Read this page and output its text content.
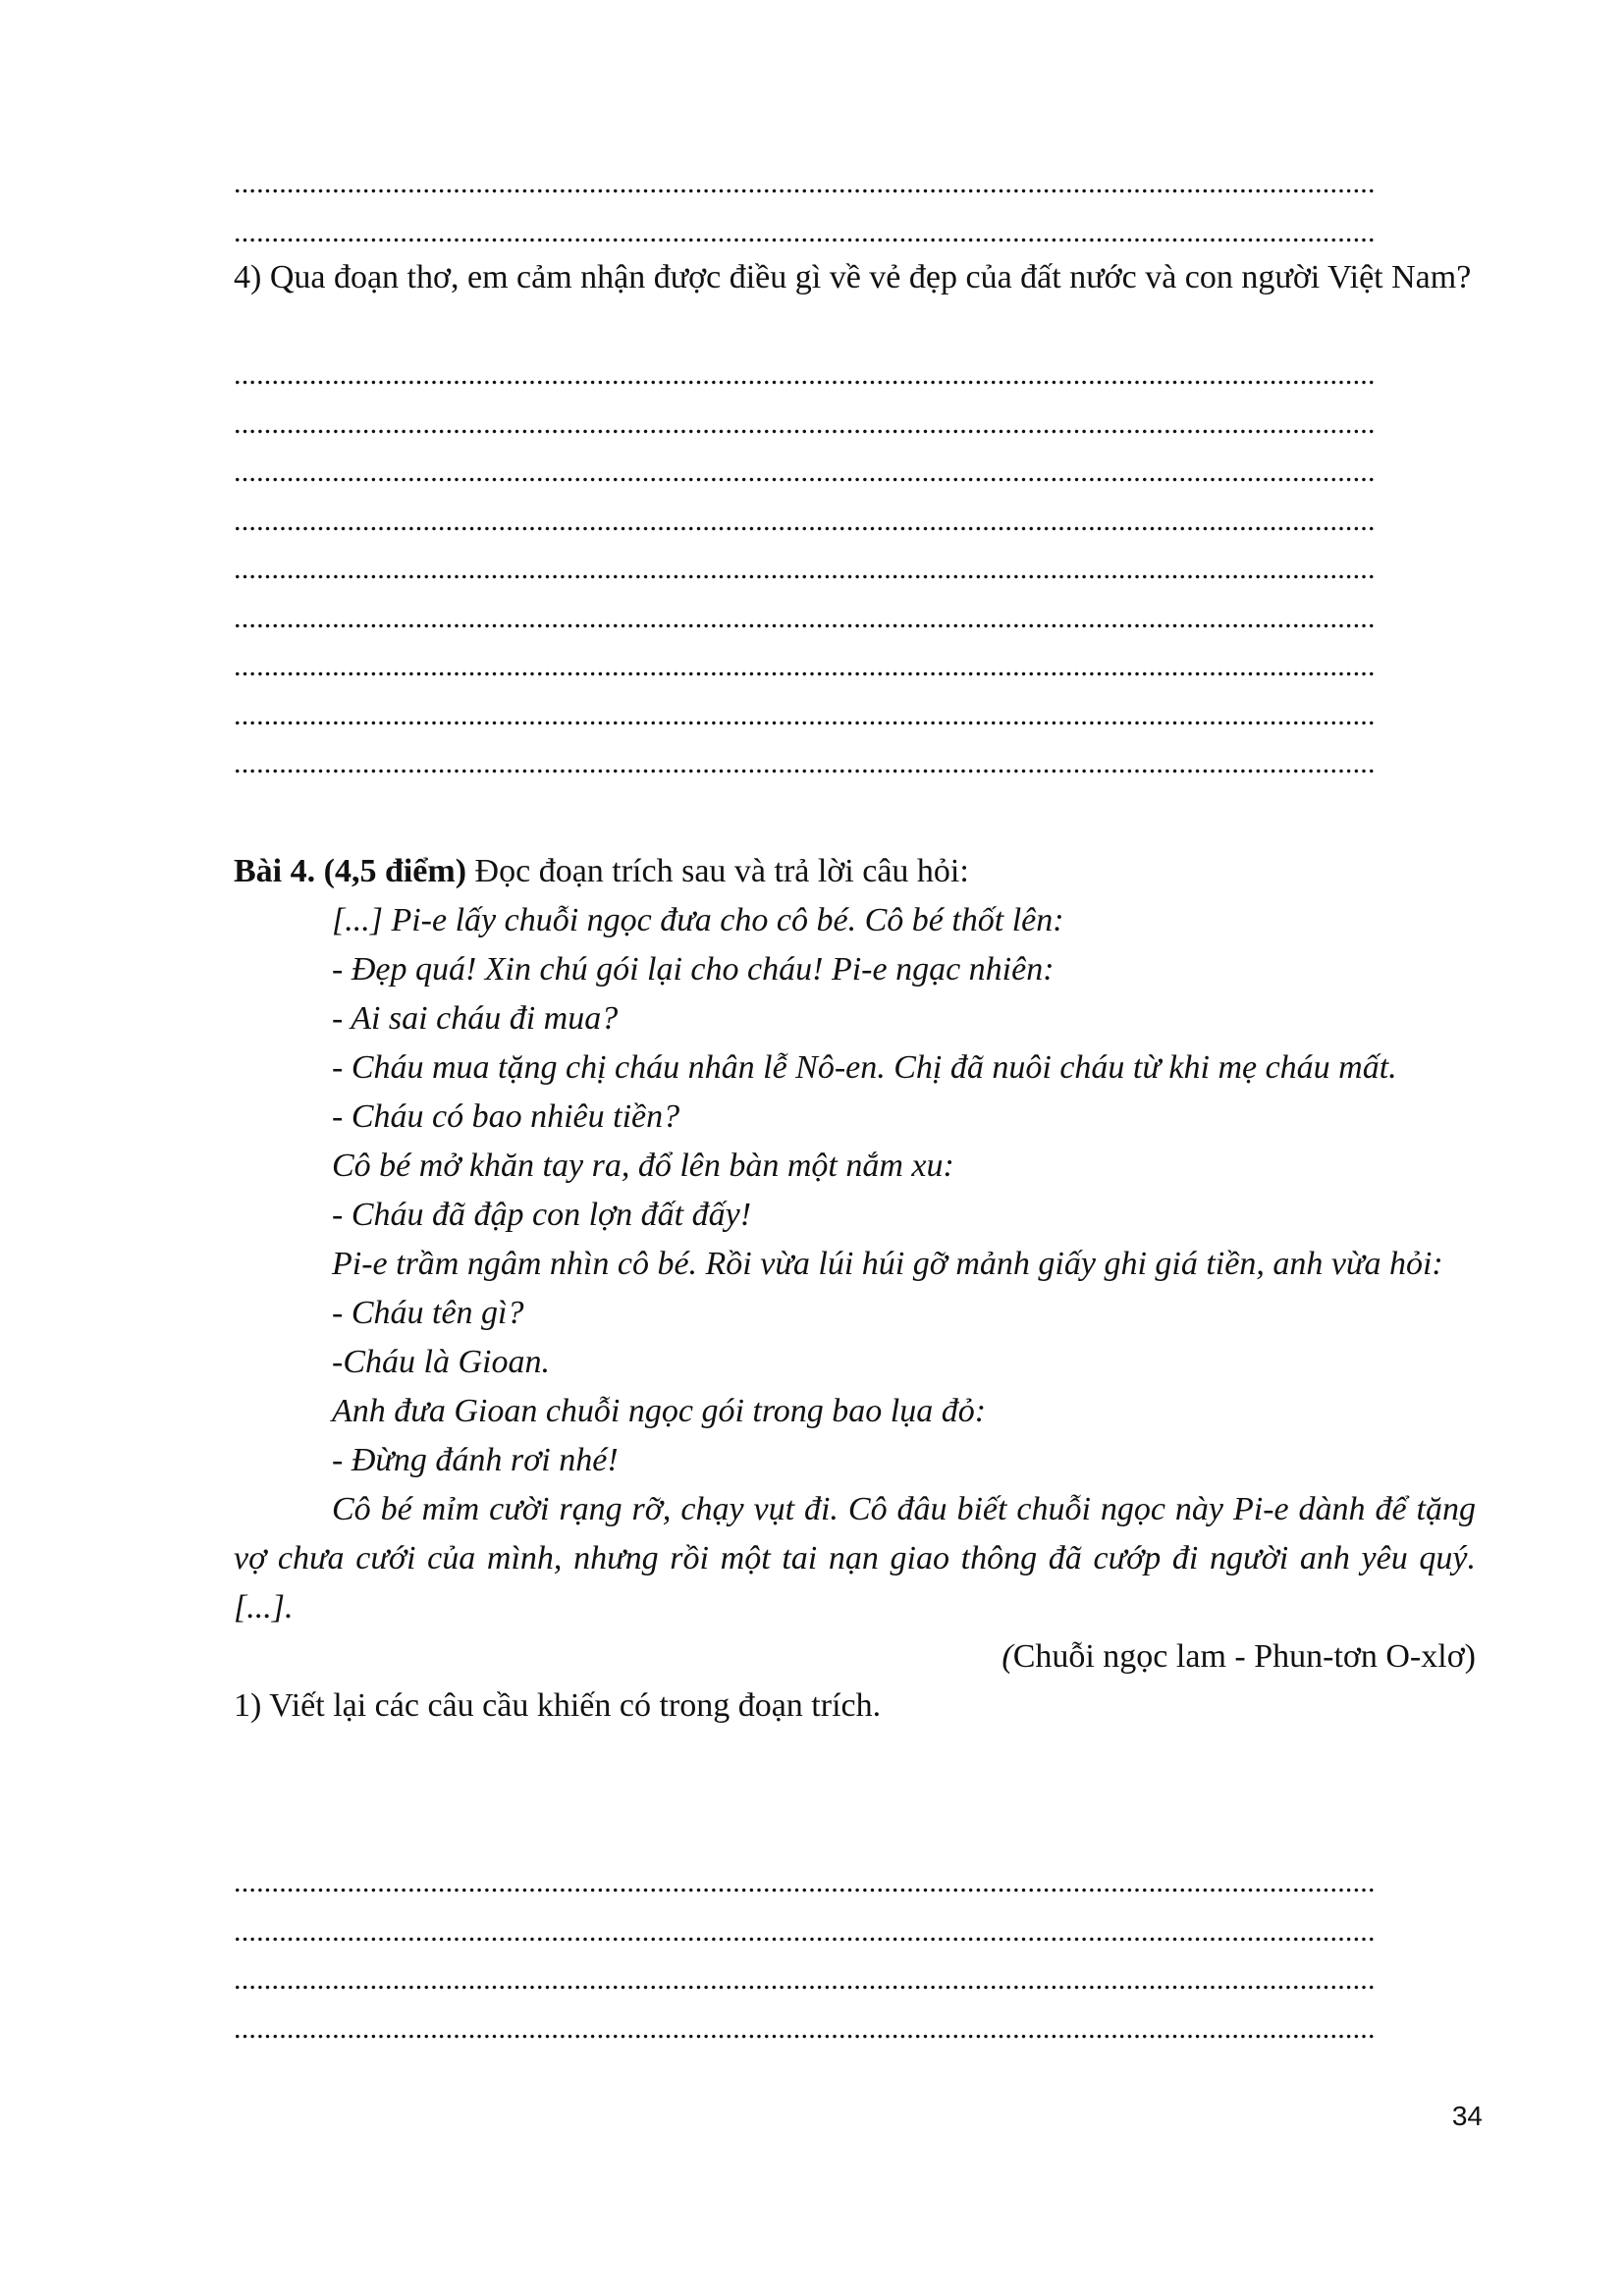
.......................................................................................................................................................
.......................................................................................................................................................

4) Qua đoạn thơ, em cảm nhận được điều gì về vẻ đẹp của đất nước và con người Việt Nam?

.......................................................................................................................................................
.......................................................................................................................................................
.......................................................................................................................................................
.......................................................................................................................................................
.......................................................................................................................................................
.......................................................................................................................................................
.......................................................................................................................................................
.......................................................................................................................................................
.......................................................................................................................................................
Bài 4. (4,5 điểm) Đọc đoạn trích sau và trả lời câu hỏi:

[...] Pi-e lấy chuỗi ngọc đưa cho cô bé. Cô bé thốt lên:

- Đẹp quá! Xin chú gói lại cho cháu! Pi-e ngạc nhiên:

- Ai sai cháu đi mua?

- Cháu mua tặng chị cháu nhân lễ Nô-en. Chị đã nuôi cháu từ khi mẹ cháu mất.

- Cháu có bao nhiêu tiền?

Cô bé mở khăn tay ra, đổ lên bàn một nắm xu:

- Cháu đã đập con lợn đất đấy!

Pi-e trầm ngâm nhìn cô bé. Rồi vừa lúi húi gỡ mảnh giấy ghi giá tiền, anh vừa hỏi:

- Cháu tên gì?

-Cháu là Gioan.

Anh đưa Gioan chuỗi ngọc gói trong bao lụa đỏ:

- Đừng đánh rơi nhé!

Cô bé mỉm cười rạng rỡ, chạy vụt đi. Cô đâu biết chuỗi ngọc này Pi-e dành để tặng vợ chưa cưới của mình, nhưng rồi một tai nạn giao thông đã cướp đi người anh yêu quý. [...].

(Chuỗi ngọc lam - Phun-tơn O-xlơ)

1) Viết lại các câu cầu khiến có trong đoạn trích.

.......................................................................................................................................................
.......................................................................................................................................................
.......................................................................................................................................................
.......................................................................................................................................................
34
